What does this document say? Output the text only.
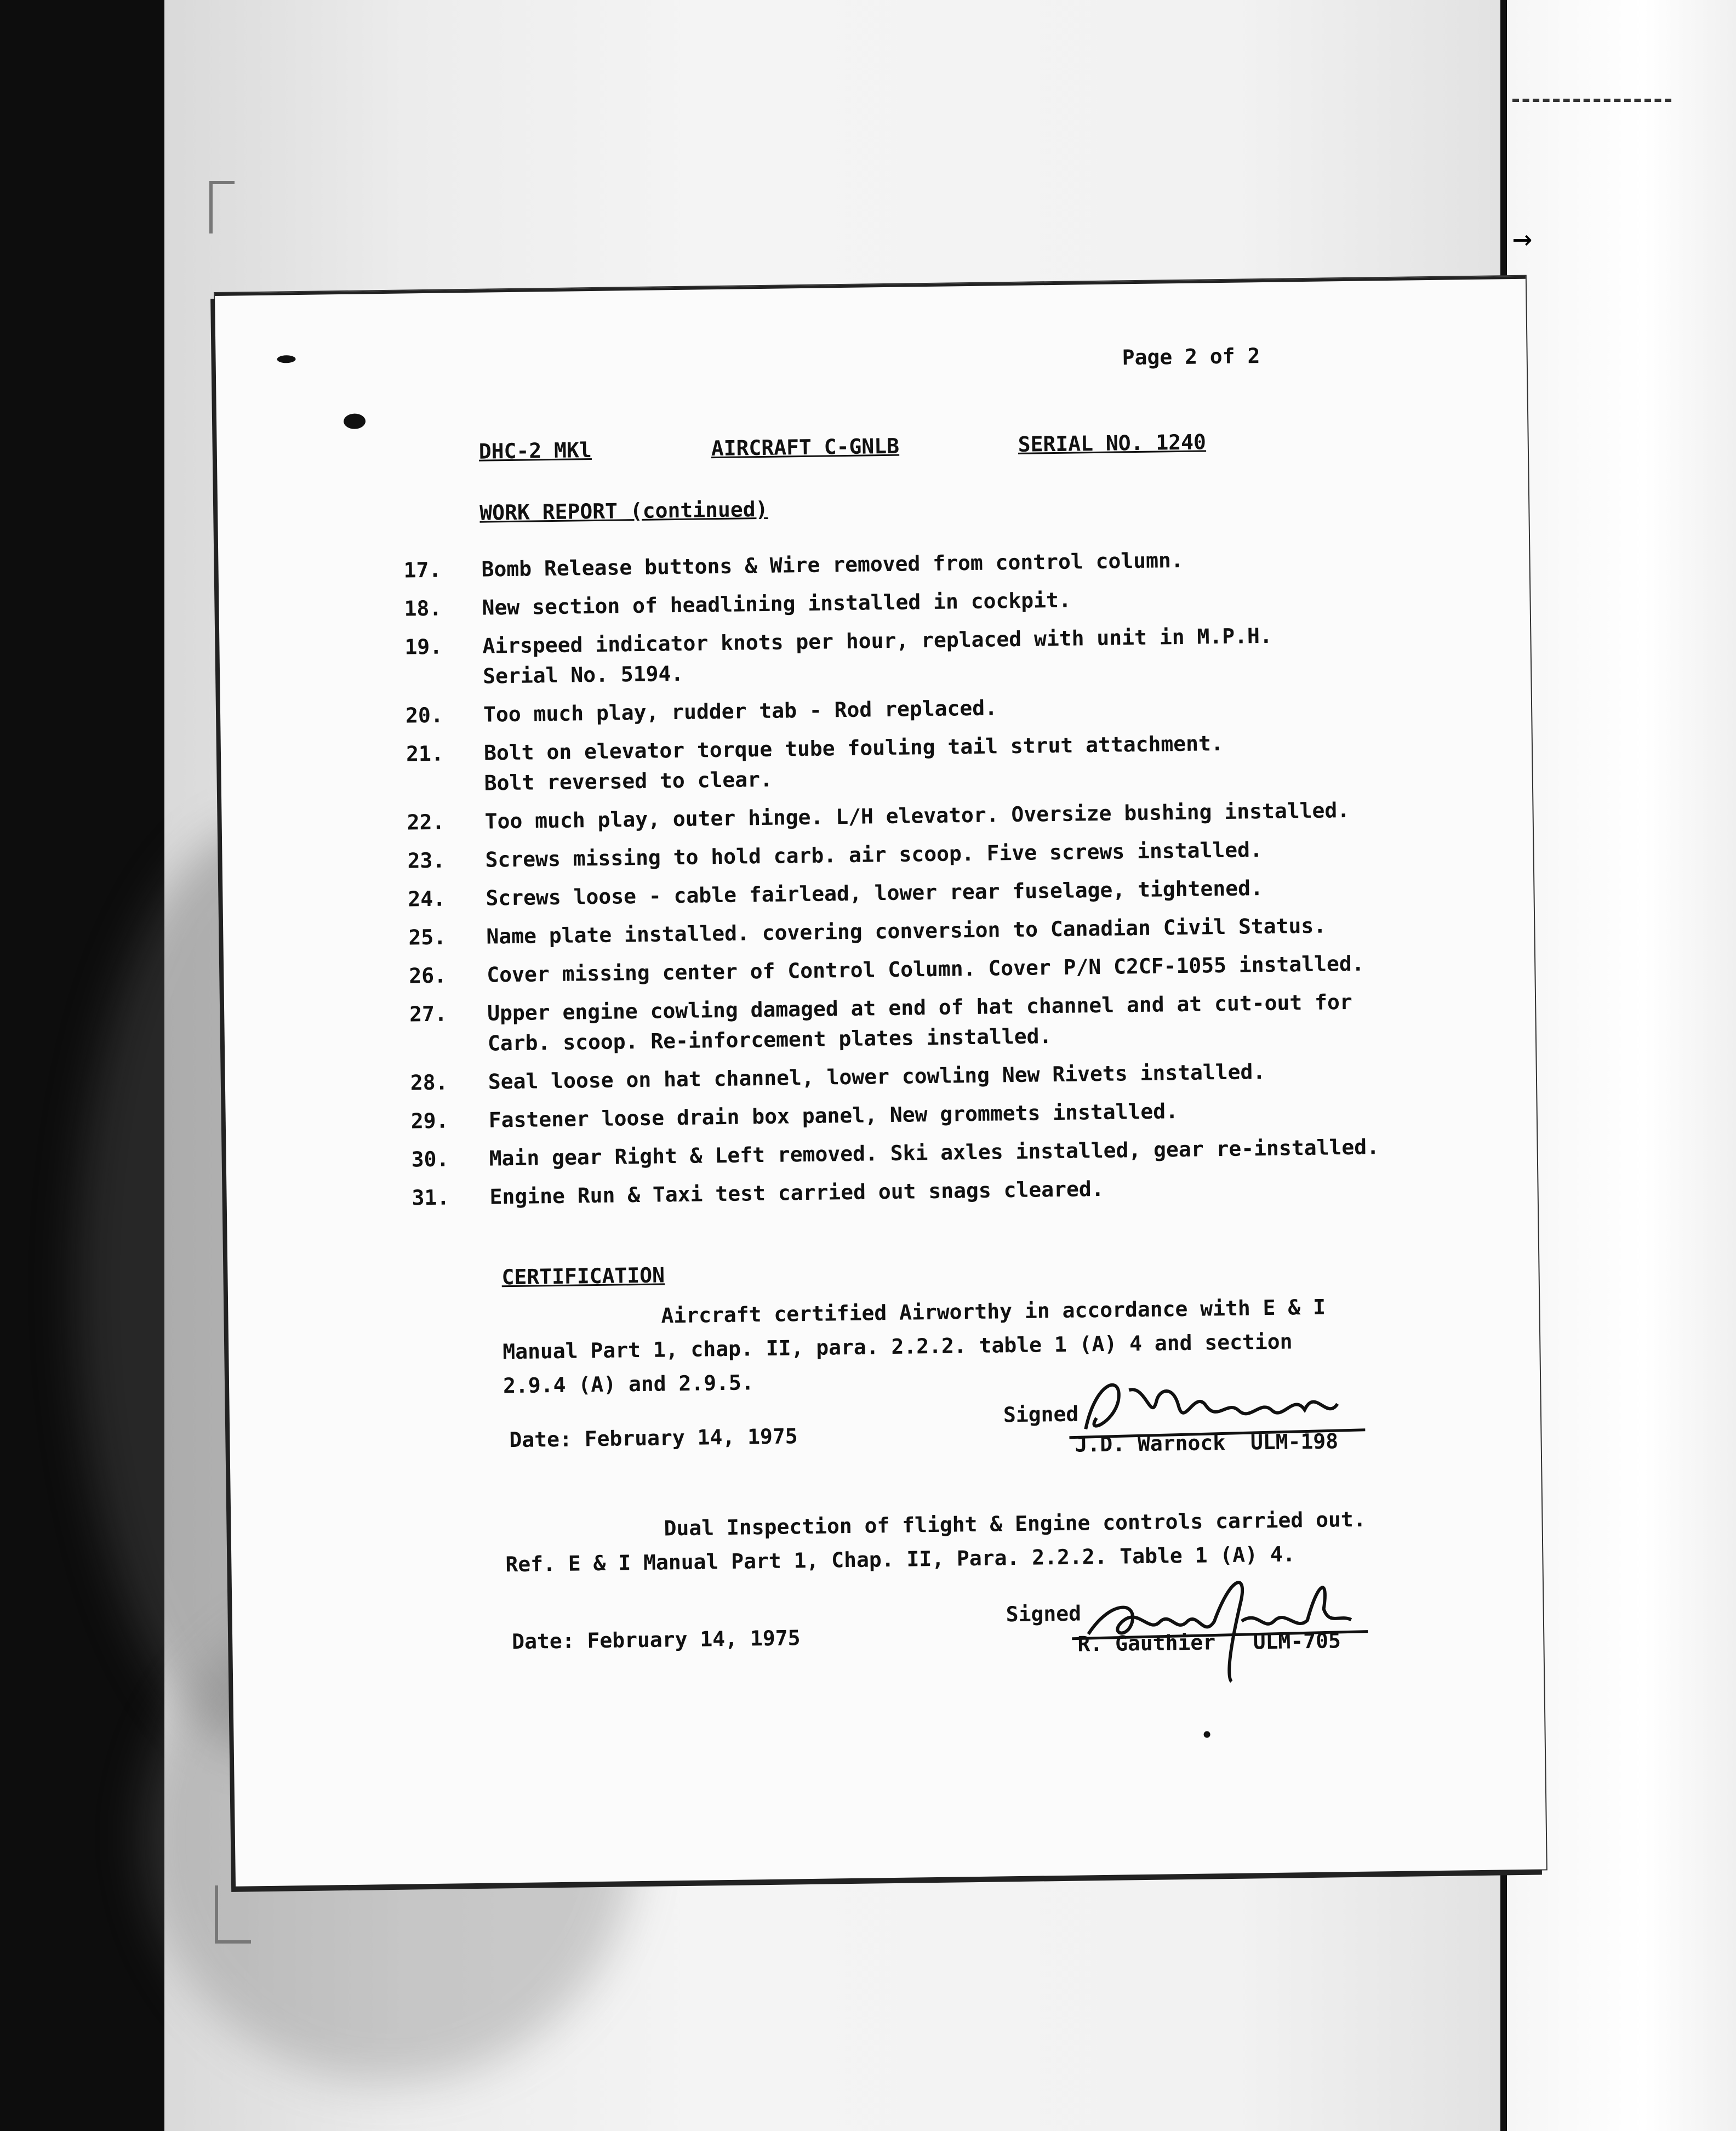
→
Page 2 of 2
DHC-2 MKl	AIRCRAFT C-GNLB	SERIAL NO. 1240
WORK REPORT (continued)
17.	Bomb Release buttons & Wire removed from control column.
18.	New section of headlining installed in cockpit.
19.	Airspeed indicator knots per hour, replaced with unit in M.P.H.
Serial No. 5194.
20.	Too much play, rudder tab - Rod replaced.
21.	Bolt on elevator torque tube fouling tail strut attachment.
Bolt reversed to clear.
22.	Too much play, outer hinge. L/H elevator. Oversize bushing installed.
23.	Screws missing to hold carb. air scoop. Five screws installed.
24.	Screws loose - cable fairlead, lower rear fuselage, tightened.
25.	Name plate installed. covering conversion to Canadian Civil Status.
26.	Cover missing center of Control Column. Cover P/N C2CF-1055 installed.
27.	Upper engine cowling damaged at end of hat channel and at cut-out for
Carb. scoop. Re-inforcement plates installed.
28.	Seal loose on hat channel, lower cowling New Rivets installed.
29.	Fastener loose drain box panel, New grommets installed.
30.	Main gear Right & Left removed. Ski axles installed, gear re-installed.
31.	Engine Run & Taxi test carried out snags cleared.
CERTIFICATION
Aircraft certified Airworthy in accordance with E & I
Manual Part 1, chap. II, para. 2.2.2. table 1 (A) 4 and section
2.9.4 (A) and 2.9.5.
Date: February 14, 1975
Signed
J.D. Warnock  ULM-198
Dual Inspection of flight & Engine controls carried out.
Ref. E & I Manual Part 1, Chap. II, Para. 2.2.2. Table 1 (A) 4.
Date: February 14, 1975
Signed
R. Gauthier   ULM-705
